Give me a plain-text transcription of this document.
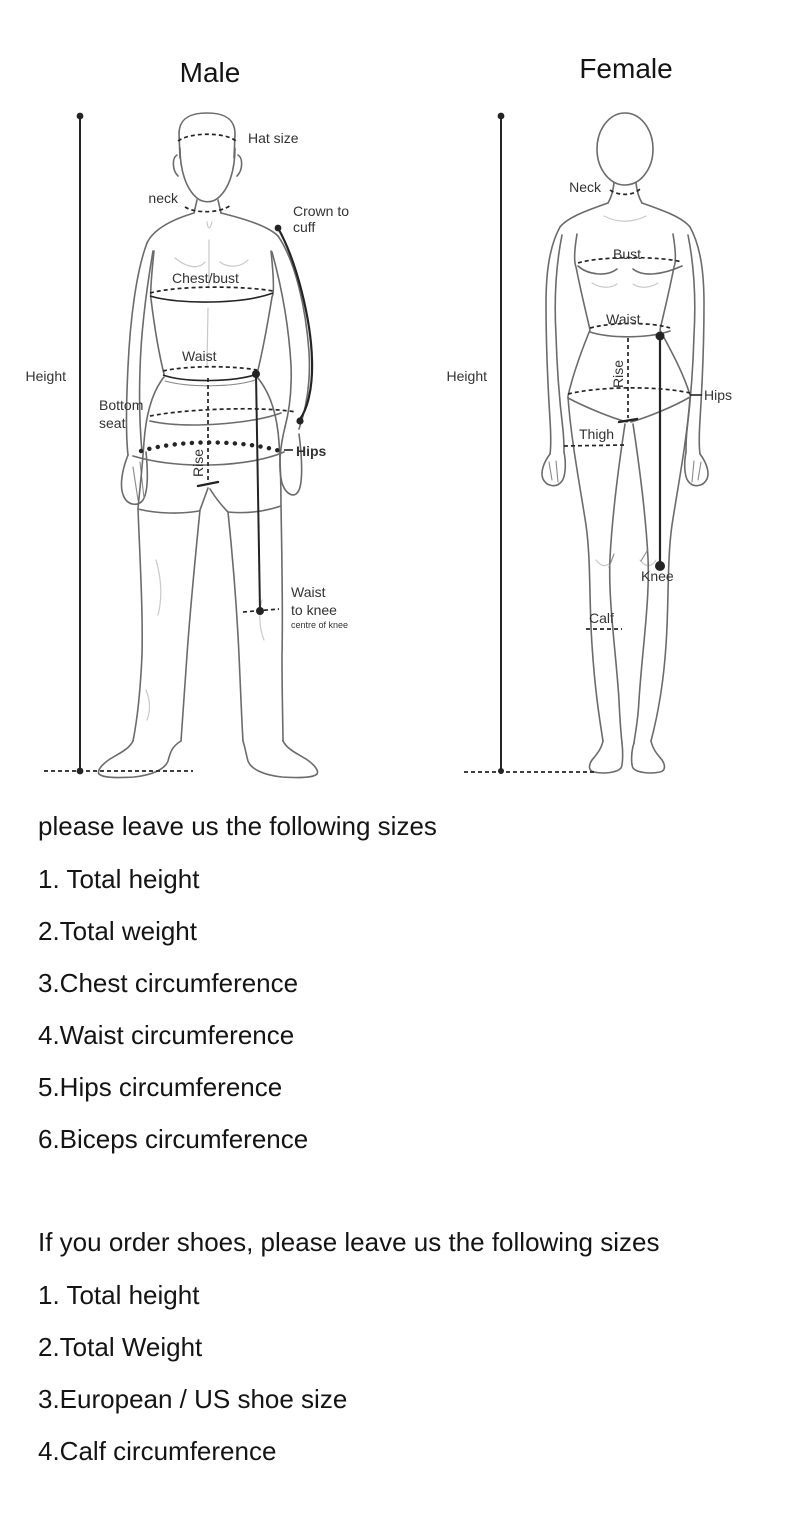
Male
Height
Hat size
neck
Crown to
cuff
Chest/bust
Waist
Bottom
seat
Hips
Rise
Waist
to knee
centre of knee
Female
Height
Neck
Bust
Waist
Rise
Hips
Thigh
Knee
Calf
please leave us the following sizes
1. Total height
2.Total weight
3.Chest circumference
4.Waist circumference
5.Hips circumference
6.Biceps circumference
If you order shoes, please leave us the following sizes
1. Total height
2.Total Weight
3.European / US shoe size
4.Calf circumference
